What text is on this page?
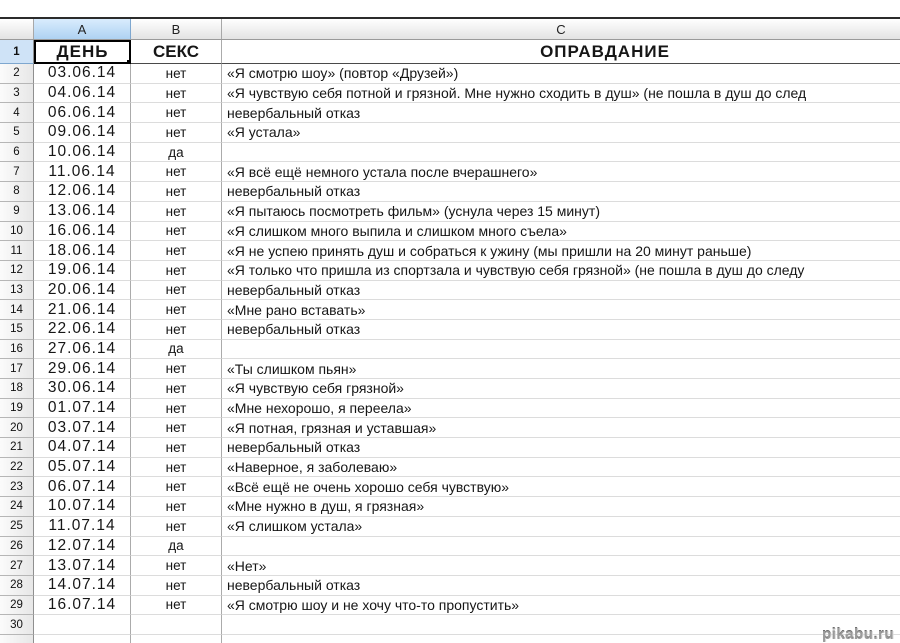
A	B	C
1	ДЕНЬ	СЕКС	ОПРАВДАНИЕ
2	03.06.14	нет	«Я смотрю шоу» (повтор «Друзей»)
3	04.06.14	нет	«Я чувствую себя потной и грязной. Мне нужно сходить в душ» (не пошла в душ до след
4	06.06.14	нет	невербальный отказ
5	09.06.14	нет	«Я устала»
6	10.06.14	да
7	11.06.14	нет	«Я всё ещё немного устала после вчерашнего»
8	12.06.14	нет	невербальный отказ
9	13.06.14	нет	«Я пытаюсь посмотреть фильм» (уснула через 15 минут)
10	16.06.14	нет	«Я слишком много выпила и слишком много съела»
11	18.06.14	нет	«Я не успею принять душ и собраться к ужину (мы пришли на 20 минут раньше)
12	19.06.14	нет	«Я только что пришла из спортзала и чувствую себя грязной» (не пошла в душ до следу
13	20.06.14	нет	невербальный отказ
14	21.06.14	нет	«Мне рано вставать»
15	22.06.14	нет	невербальный отказ
16	27.06.14	да
17	29.06.14	нет	«Ты слишком пьян»
18	30.06.14	нет	«Я чувствую себя грязной»
19	01.07.14	нет	«Мне нехорошо, я переела»
20	03.07.14	нет	«Я потная, грязная и уставшая»
21	04.07.14	нет	невербальный отказ
22	05.07.14	нет	«Наверное, я заболеваю»
23	06.07.14	нет	«Всё ещё не очень хорошо себя чувствую»
24	10.07.14	нет	«Мне нужно в душ, я грязная»
25	11.07.14	нет	«Я слишком устала»
26	12.07.14	да
27	13.07.14	нет	«Нет»
28	14.07.14	нет	невербальный отказ
29	16.07.14	нет	«Я смотрю шоу и не хочу что-то пропустить»
30
pikabu.ru
